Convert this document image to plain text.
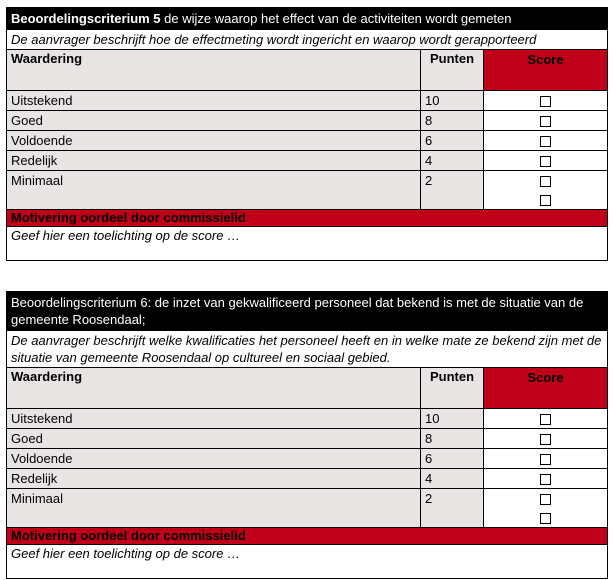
Beoordelingscriterium 5 de wijze waarop het effect van de activiteiten wordt gemeten
De aanvrager beschrijft hoe de effectmeting wordt ingericht en waarop wordt gerapporteerd
Waardering	Punten	Score
Uitstekend	10
Goed	8
Voldoende	6
Redelijk	4
Minimaal	2
Motivering oordeel door commissielid
Geef hier een toelichting op de score …
Beoordelingscriterium 6: de inzet van gekwalificeerd personeel dat bekend is met de situatie van de gemeente Roosendaal;
De aanvrager beschrijft welke kwalificaties het personeel heeft en in welke mate ze bekend zijn met de situatie van gemeente Roosendaal op cultureel en sociaal gebied.
Waardering	Punten	Score
Uitstekend	10
Goed	8
Voldoende	6
Redelijk	4
Minimaal	2
Motivering oordeel door commissielid
Geef hier een toelichting op de score …
